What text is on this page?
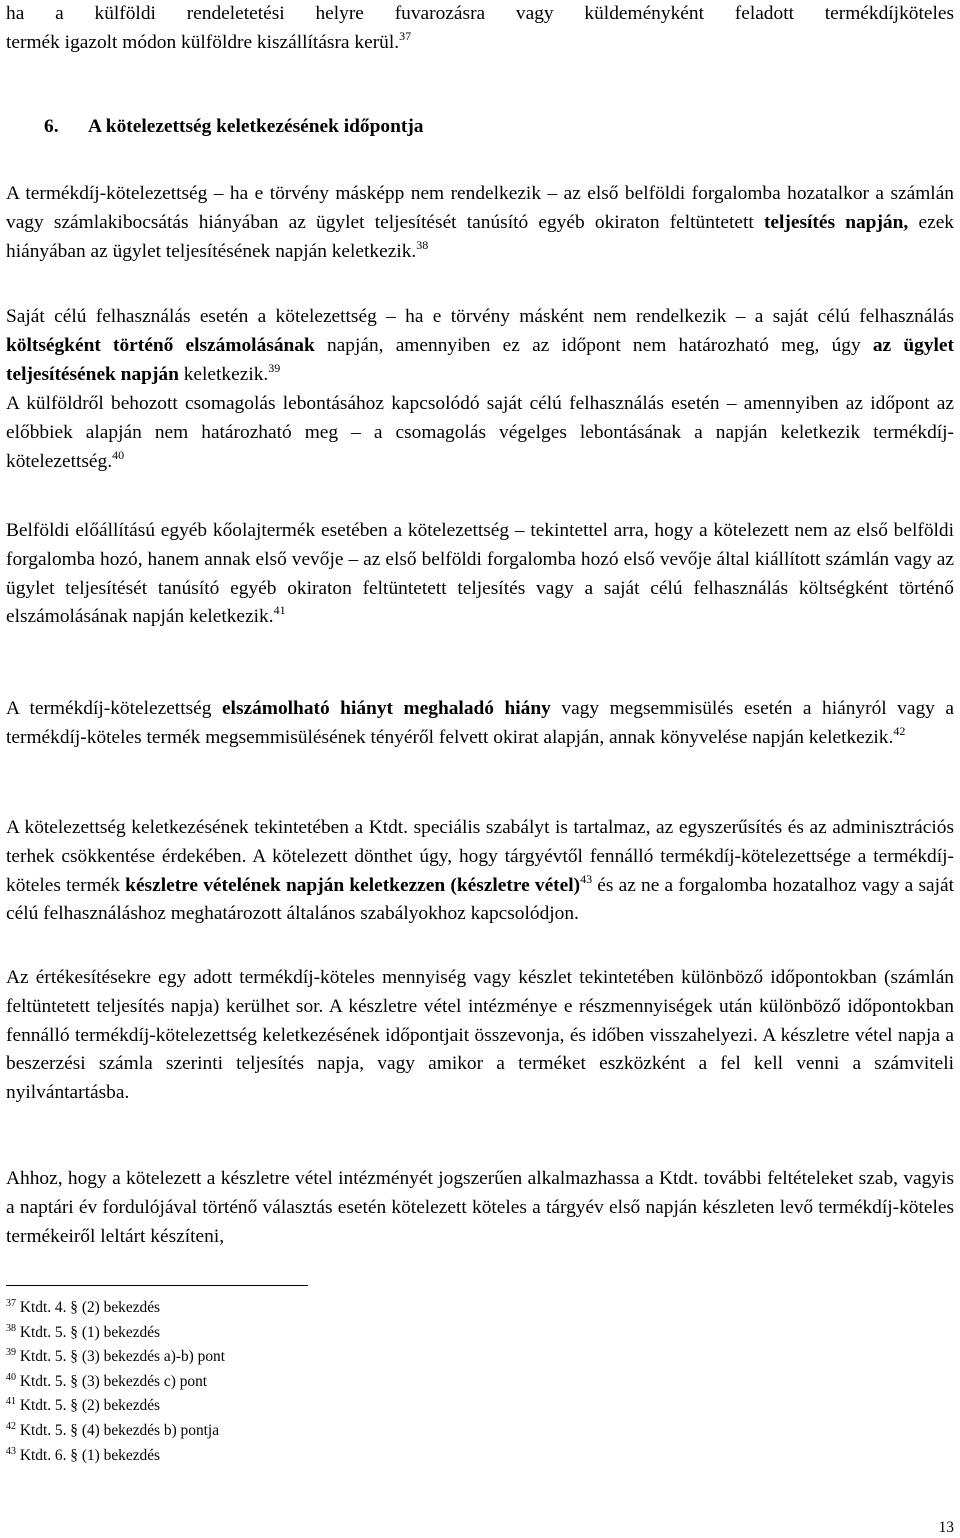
ha a külföldi rendeletetési helyre fuvarozásra vagy küldeményként feladott termékdíjköteles

termék igazolt módon külföldre kiszállításra kerül.$^{37}$

6. A kötelezettség keletkezésének időpontja

A termékdíj-kötelezettség – ha e törvény másképp nem rendelkezik – az első belföldi forgalomba hozatalkor a számlán vagy számlakibocsátás hiányában az ügylet teljesítését tanúsító egyéb okiraton feltüntetett teljesítés napján, ezek hiányában az ügylet teljesítésének napján keletkezik.$^{38}$

Saját célú felhasználás esetén a kötelezettség – ha e törvény másként nem rendelkezik – a saját célú felhasználás költségként történő elszámolásának napján, amennyiben ez az időpont nem határozható meg, úgy az ügylet teljesítésének napján keletkezik.$^{39}$

A külföldről behozott csomagolás lebontásához kapcsolódó saját célú felhasználás esetén – amennyiben az időpont az előbbiek alapján nem határozható meg – a csomagolás végelges lebontásának a napján keletkezik termékdíj-kötelezettség.$^{40}$

Belföldi előállítású egyéb kőolajtermék esetében a kötelezettség – tekintettel arra, hogy a kötelezett nem az első belföldi forgalomba hozó, hanem annak első vevője – az első belföldi forgalomba hozó első vevője által kiállított számlán vagy az ügylet teljesítését tanúsító egyéb okiraton feltüntetett teljesítés vagy a saját célú felhasználás költségként történő elszámolásának napján keletkezik.$^{41}$

A termékdíj-kötelezettség elszámolható hiányt meghaladó hiány vagy megsemmisülés esetén a hiányról vagy a termékdíj-köteles termék megsemmisülésének tényéről felvett okirat alapján, annak könyvelése napján keletkezik.$^{42}$

A kötelezettség keletkezésének tekintetében a Ktdt. speciális szabályt is tartalmaz, az egyszerűsítés és az adminisztrációs terhek csökkentése érdekében. A kötelezett dönthet úgy, hogy tárgyévtől fennálló termékdíj-kötelezettsége a termékdíj-köteles termék készletre vételének napján keletkezzen (készletre vétel)$^{43}$ és az ne a forgalomba hozatalhoz vagy a saját célú felhasználáshoz meghatározott általános szabályokhoz kapcsolódjon.

Az értékesítésekre egy adott termékdíj-köteles mennyiség vagy készlet tekintetében különböző időpontokban (számlán feltüntetett teljesítés napja) kerülhet sor. A készletre vétel intézménye e részmennyiségek után különböző időpontokban fennálló termékdíj-kötelezettség keletkezésének időpontjait összevonja, és időben visszahelyezi. A készletre vétel napja a beszerzési számla szerinti teljesítés napja, vagy amikor a terméket eszközként a fel kell venni a számviteli nyilvántartásba.

Ahhoz, hogy a kötelezett a készletre vétel intézményét jogszerűen alkalmazhassa a Ktdt. további feltételeket szab, vagyis a naptári év fordulójával történő választás esetén kötelezett köteles a tárgyév első napján készleten levő termékdíj-köteles termékeiről leltárt készíteni,

$^{37}$ Ktdt. 4. § (2) bekezdés
$^{38}$ Ktdt. 5. § (1) bekezdés
$^{39}$ Ktdt. 5. § (3) bekezdés a)-b) pont
$^{40}$ Ktdt. 5. § (3) bekezdés c) pont
$^{41}$ Ktdt. 5. § (2) bekezdés
$^{42}$ Ktdt. 5. § (4) bekezdés b) pontja
$^{43}$ Ktdt. 6. § (1) bekezdés
13
